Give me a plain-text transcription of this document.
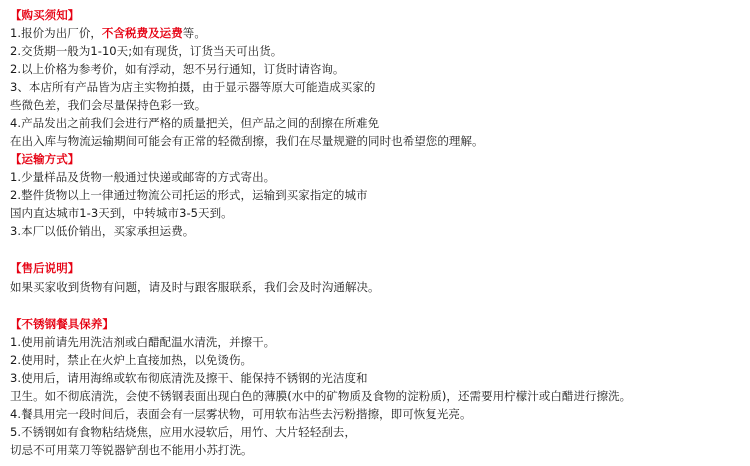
【购买须知】
1.报价为出厂价，不含税费及运费等。
2.交货期一般为1-10天;如有现货，订货当天可出货。
2.以上价格为参考价，如有浮动，恕不另行通知，订货时请咨询。
3、本店所有产品皆为店主实物拍摄，由于显示器等原大可能造成买家的
些微色差，我们会尽量保持色彩一致。
4.产品发出之前我们会进行严格的质量把关，但产品之间的刮擦在所难免
在出入库与物流运输期间可能会有正常的轻微刮擦，我们在尽量规避的同时也希望您的理解。
【运输方式】
1.少量样品及货物一般通过快递或邮寄的方式寄出。
2.整件货物以上一律通过物流公司托运的形式，运输到买家指定的城市
国内直达城市1-3天到，中转城市3-5天到。
3.本厂以低价销出，买家承担运费。
【售后说明】
如果买家收到货物有问题，请及时与跟客服联系，我们会及时沟通解决。
【不锈钢餐具保养】
1.使用前请先用洗洁剂或白醋配温水清洗，并擦干。
2.使用时，禁止在火炉上直接加热，以免烫伤。
3.使用后，请用海绵或软布彻底清洗及擦干、能保持不锈钢的光洁度和
卫生。如不彻底清洗，会使不锈钢表面出现白色的薄膜(水中的矿物质及食物的淀粉质)，还需要用柠檬汁或白醋进行擦洗。
4.餐具用完一段时间后，表面会有一层雾状物，可用软布沾些去污粉揩擦，即可恢复光亮。
5.不锈钢如有食物粘结烧焦，应用水浸软后，用竹、大片轻轻刮去，
切忌不可用菜刀等锐器铲刮也不能用小苏打洗。
